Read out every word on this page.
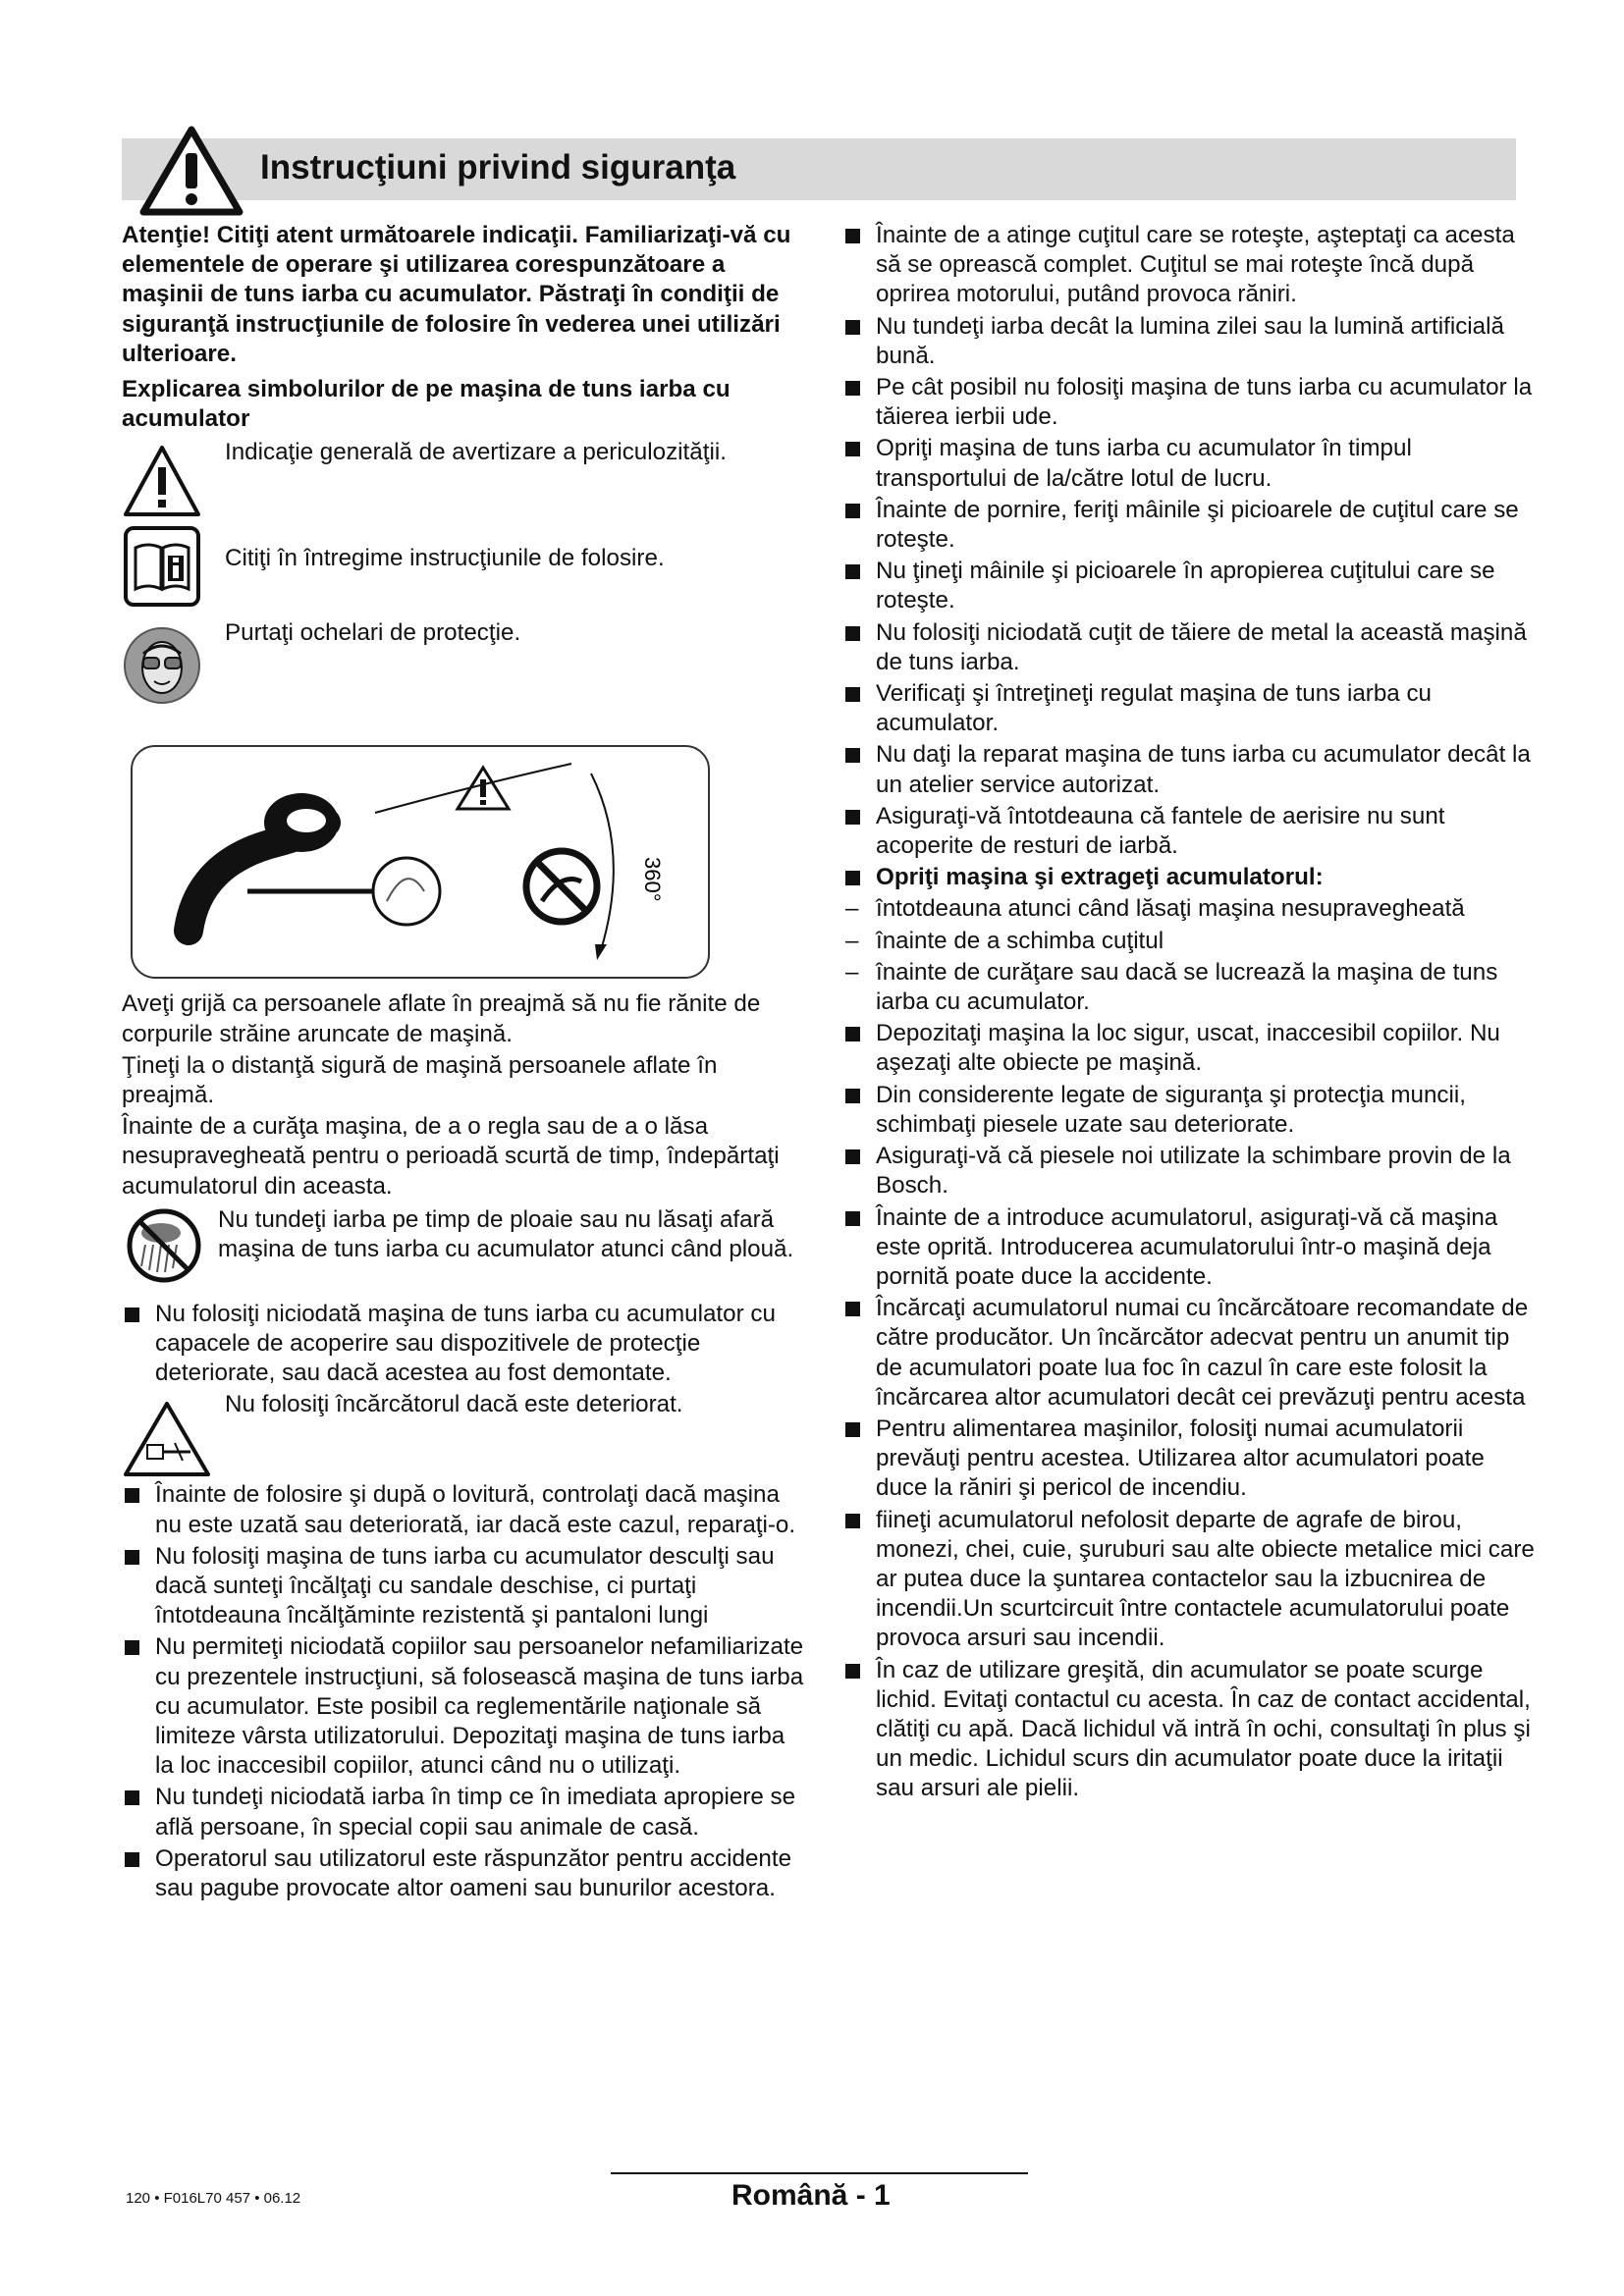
Instrucţiuni privind siguranţa

Atenţie! Citiţi atent următoarele indicaţii. Familiarizaţi-vă cu elementele de operare şi utilizarea corespunzătoare a maşinii de tuns iarba cu acumulator. Păstraţi în condiţii de siguranţă instrucţiunile de folosire în vederea unei utilizări ulterioare.

Explicarea simbolurilor de pe maşina de tuns iarba cu acumulator

Indicaţie generală de avertizare a periculozităţii.
Citiţi în întregime instrucţiunile de folosire.
Purtaţi ochelari de protecţie.
360°

Aveţi grijă ca persoanele aflate în preajmă să nu fie rănite de corpurile străine aruncate de maşină.

Ţineţi la o distanţă sigură de maşină persoanele aflate în preajmă.

Înainte de a curăţa maşina, de a o regla sau de a o lăsa nesupravegheată pentru o perioadă scurtă de timp, îndepărtaţi acumulatorul din aceasta.

Nu tundeţi iarba pe timp de ploaie sau nu lăsaţi afară maşina de tuns iarba cu acumulator atunci când plouă.
Nu folosiţi niciodată maşina de tuns iarba cu acumulator cu capacele de acoperire sau dispozitivele de protecţie deteriorate, sau dacă acestea au fost demontate.
Nu folosiţi încărcătorul dacă este deteriorat.
Înainte de folosire şi după o lovitură, controlaţi dacă maşina nu este uzată sau deteriorată, iar dacă este cazul, reparaţi-o.
Nu folosiţi maşina de tuns iarba cu acumulator desculţi sau dacă sunteţi încălţaţi cu sandale deschise, ci purtaţi întotdeauna încălţăminte rezistentă şi pantaloni lungi
Nu permiteţi niciodată copiilor sau persoanelor nefamiliarizate cu prezentele instrucţiuni, să folosească maşina de tuns iarba cu acumulator. Este posibil ca reglementările naţionale să limiteze vârsta utilizatorului. Depozitaţi maşina de tuns iarba la loc inaccesibil copiilor, atunci când nu o utilizaţi.
Nu tundeţi niciodată iarba în timp ce în imediata apropiere se află persoane, în special copii sau animale de casă.
Operatorul sau utilizatorul este răspunzător pentru accidente sau pagube provocate altor oameni sau bunurilor acestora.
Înainte de a atinge cuţitul care se roteşte, aşteptaţi ca acesta să se oprească complet. Cuţitul se mai roteşte încă după oprirea motorului, putând provoca răniri.
Nu tundeţi iarba decât la lumina zilei sau la lumină artificială bună.
Pe cât posibil nu folosiţi maşina de tuns iarba cu acumulator la tăierea ierbii ude.
Opriţi maşina de tuns iarba cu acumulator în timpul transportului de la/către lotul de lucru.
Înainte de pornire, feriţi mâinile şi picioarele de cuţitul care se roteşte.
Nu ţineţi mâinile şi picioarele în apropierea cuţitului care se roteşte.
Nu folosiţi niciodată cuţit de tăiere de metal la această maşină de tuns iarba.
Verificaţi şi întreţineţi regulat maşina de tuns iarba cu acumulator.
Nu daţi la reparat maşina de tuns iarba cu acumulator decât la un atelier service autorizat.
Asiguraţi-vă întotdeauna că fantele de aerisire nu sunt acoperite de resturi de iarbă.
Opriţi maşina şi extrageţi acumulatorul:
– întotdeauna atunci când lăsaţi maşina nesupravegheată
– înainte de a schimba cuţitul
– înainte de curăţare sau dacă se lucrează la maşina de tuns iarba cu acumulator.
Depozitaţi maşina la loc sigur, uscat, inaccesibil copiilor. Nu aşezaţi alte obiecte pe maşină.
Din considerente legate de siguranţa şi protecţia muncii, schimbaţi piesele uzate sau deteriorate.
Asiguraţi-vă că piesele noi utilizate la schimbare provin de la Bosch.
Înainte de a introduce acumulatorul, asiguraţi-vă că maşina este oprită. Introducerea acumulatorului într-o maşină deja pornită poate duce la accidente.
Încărcaţi acumulatorul numai cu încărcătoare recomandate de către producător. Un încărcător adecvat pentru un anumit tip de acumulatori poate lua foc în cazul în care este folosit la încărcarea altor acumulatori decât cei prevăzuţi pentru acesta
Pentru alimentarea maşinilor, folosiţi numai acumulatorii prevăuţi pentru acestea. Utilizarea altor acumulatori poate duce la răniri şi pericol de incendiu.
fiineţi acumulatorul nefolosit departe de agrafe de birou, monezi, chei, cuie, şuruburi sau alte obiecte metalice mici care ar putea duce la şuntarea contactelor sau la izbucnirea de incendii.Un scurtcircuit între contactele acumulatorului poate provoca arsuri sau incendii.
În caz de utilizare greşită, din acumulator se poate scurge lichid. Evitaţi contactul cu acesta. În caz de contact accidental, clătiţi cu apă. Dacă lichidul vă intră în ochi, consultaţi în plus şi un medic. Lichidul scurs din acumulator poate duce la iritaţii sau arsuri ale pielii.
120 • F016L70 457 • 06.12	Română - 1
